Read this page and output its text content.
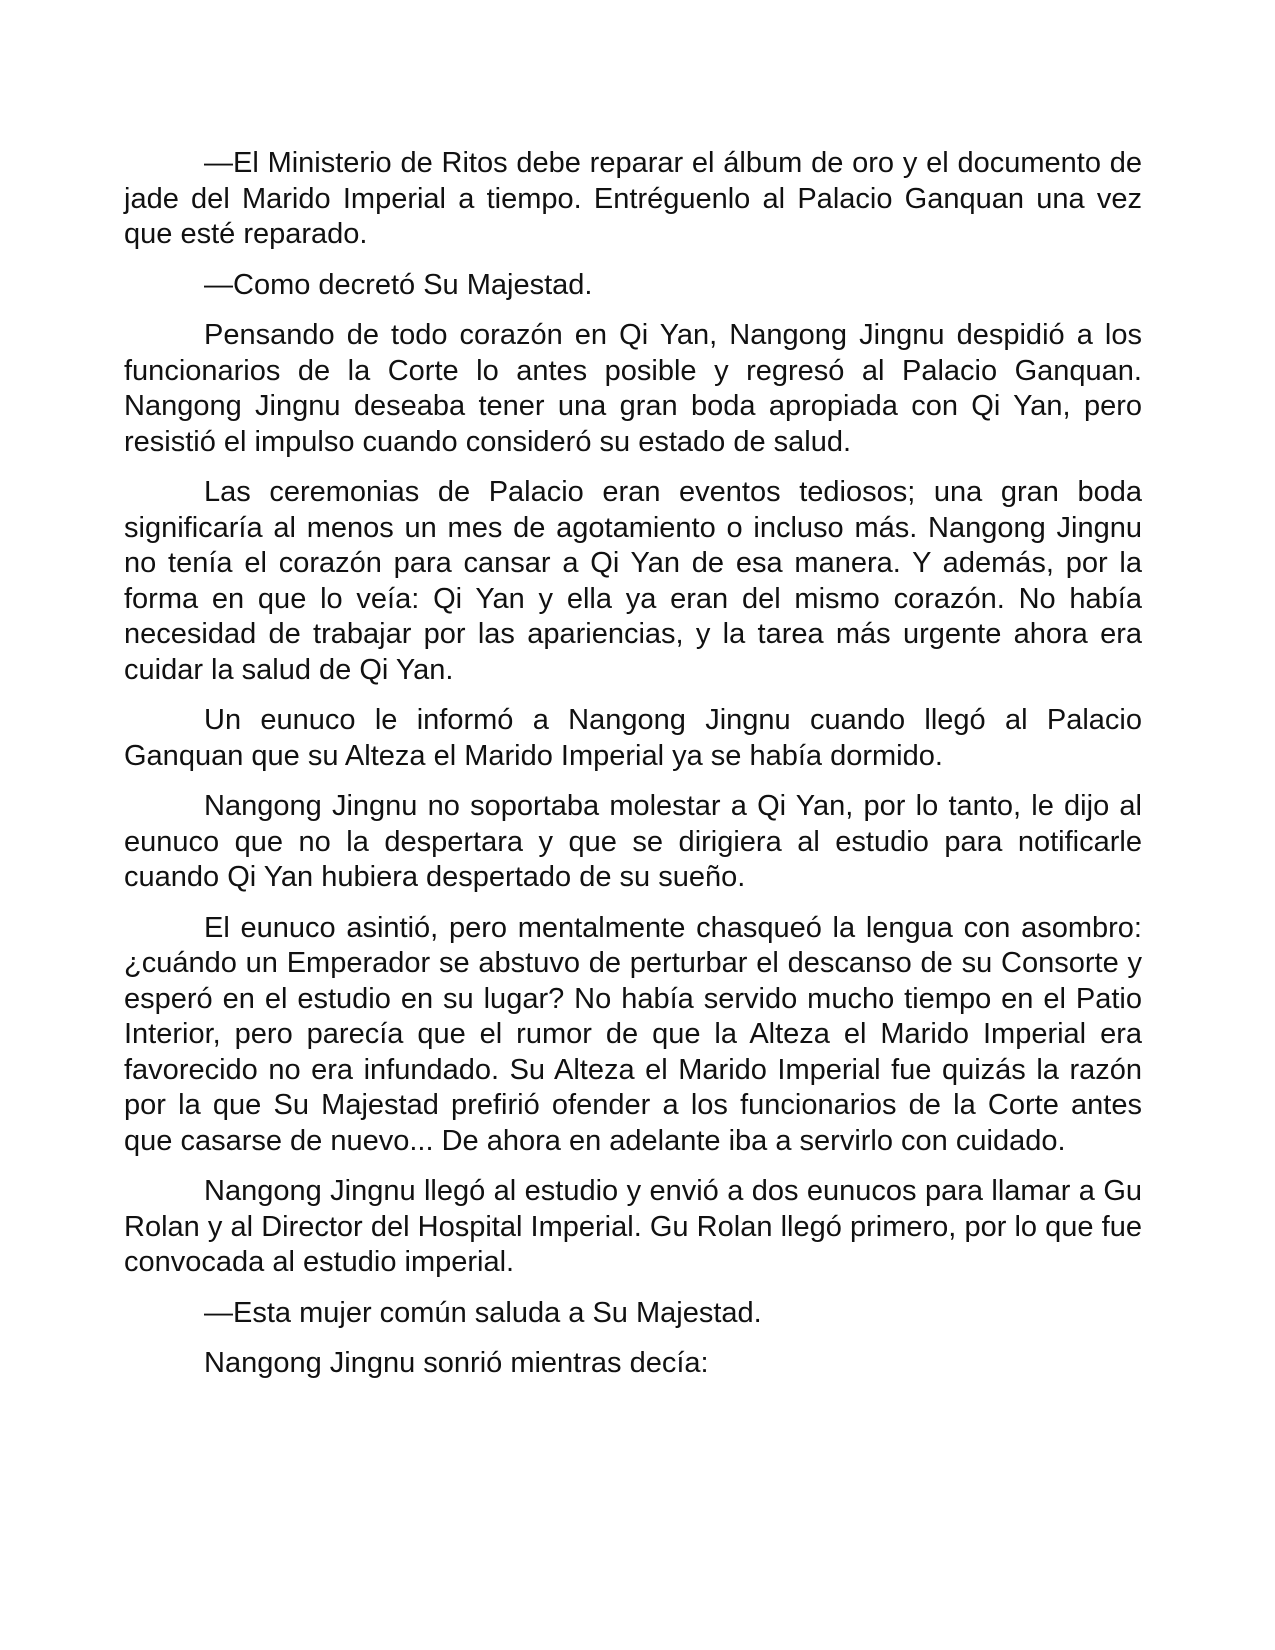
—El Ministerio de Ritos debe reparar el álbum de oro y el documento de jade del Marido Imperial a tiempo. Entréguenlo al Palacio Ganquan una vez que esté reparado.

—Como decretó Su Majestad.

Pensando de todo corazón en Qi Yan, Nangong Jingnu despidió a los funcionarios de la Corte lo antes posible y regresó al Palacio Ganquan. Nangong Jingnu deseaba tener una gran boda apropiada con Qi Yan, pero resistió el impulso cuando consideró su estado de salud.

Las ceremonias de Palacio eran eventos tediosos; una gran boda significaría al menos un mes de agotamiento o incluso más. Nangong Jingnu no tenía el corazón para cansar a Qi Yan de esa manera. Y además, por la forma en que lo veía: Qi Yan y ella ya eran del mismo corazón. No había necesidad de trabajar por las apariencias, y la tarea más urgente ahora era cuidar la salud de Qi Yan.

Un eunuco le informó a Nangong Jingnu cuando llegó al Palacio Ganquan que su Alteza el Marido Imperial ya se había dormido.

Nangong Jingnu no soportaba molestar a Qi Yan, por lo tanto, le dijo al eunuco que no la despertara y que se dirigiera al estudio para notificarle cuando Qi Yan hubiera despertado de su sueño.

El eunuco asintió, pero mentalmente chasqueó la lengua con asombro: ¿cuándo un Emperador se abstuvo de perturbar el descanso de su Consorte y esperó en el estudio en su lugar? No había servido mucho tiempo en el Patio Interior, pero parecía que el rumor de que la Alteza el Marido Imperial era favorecido no era infundado. Su Alteza el Marido Imperial fue quizás la razón por la que Su Majestad prefirió ofender a los funcionarios de la Corte antes que casarse de nuevo... De ahora en adelante iba a servirlo con cuidado.

Nangong Jingnu llegó al estudio y envió a dos eunucos para llamar a Gu Rolan y al Director del Hospital Imperial. Gu Rolan llegó primero, por lo que fue convocada al estudio imperial.

—Esta mujer común saluda a Su Majestad.

Nangong Jingnu sonrió mientras decía:
